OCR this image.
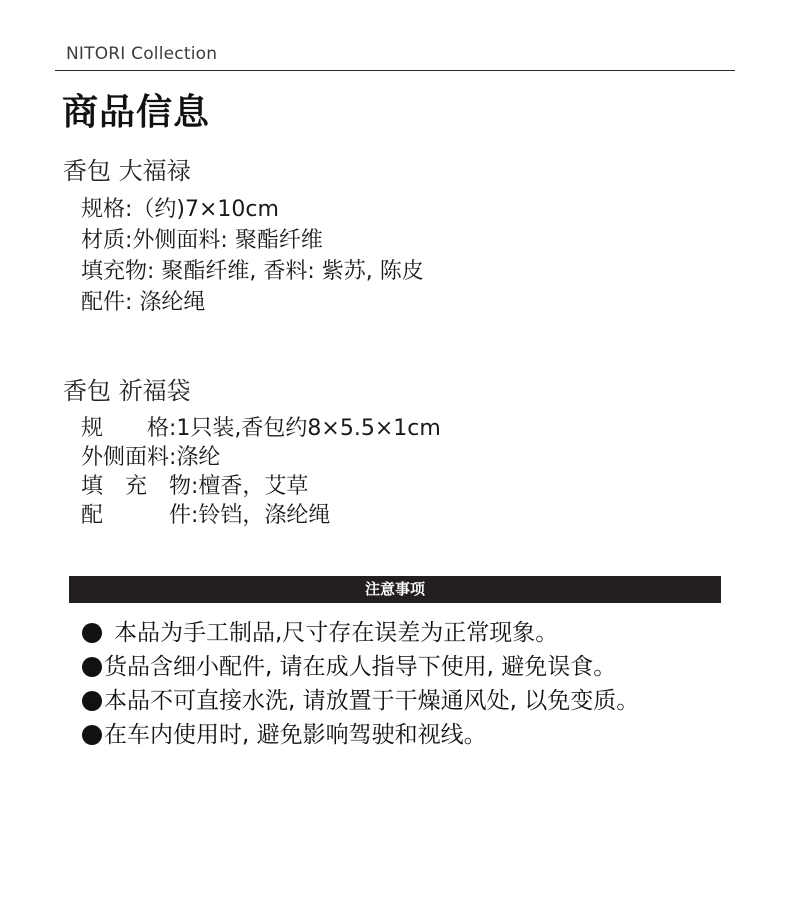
NITORI Collection
商品信息
香包 大福禄
规格:（约)7×10cm
材质:外侧面料: 聚酯纤维
填充物: 聚酯纤维, 香料: 紫苏, 陈皮
配件: 涤纶绳
香包 祈福袋
规　　格:1只装,香包约8×5.5×1cm
外侧面料:涤纶
填　充　物:檀香，艾草
配　　　件:铃铛，涤纶绳
注意事项
本品为手工制品,尺寸存在误差为正常现象。
货品含细小配件, 请在成人指导下使用, 避免误食。
本品不可直接水洗, 请放置于干燥通风处, 以免变质。
在车内使用时, 避免影响驾驶和视线。
